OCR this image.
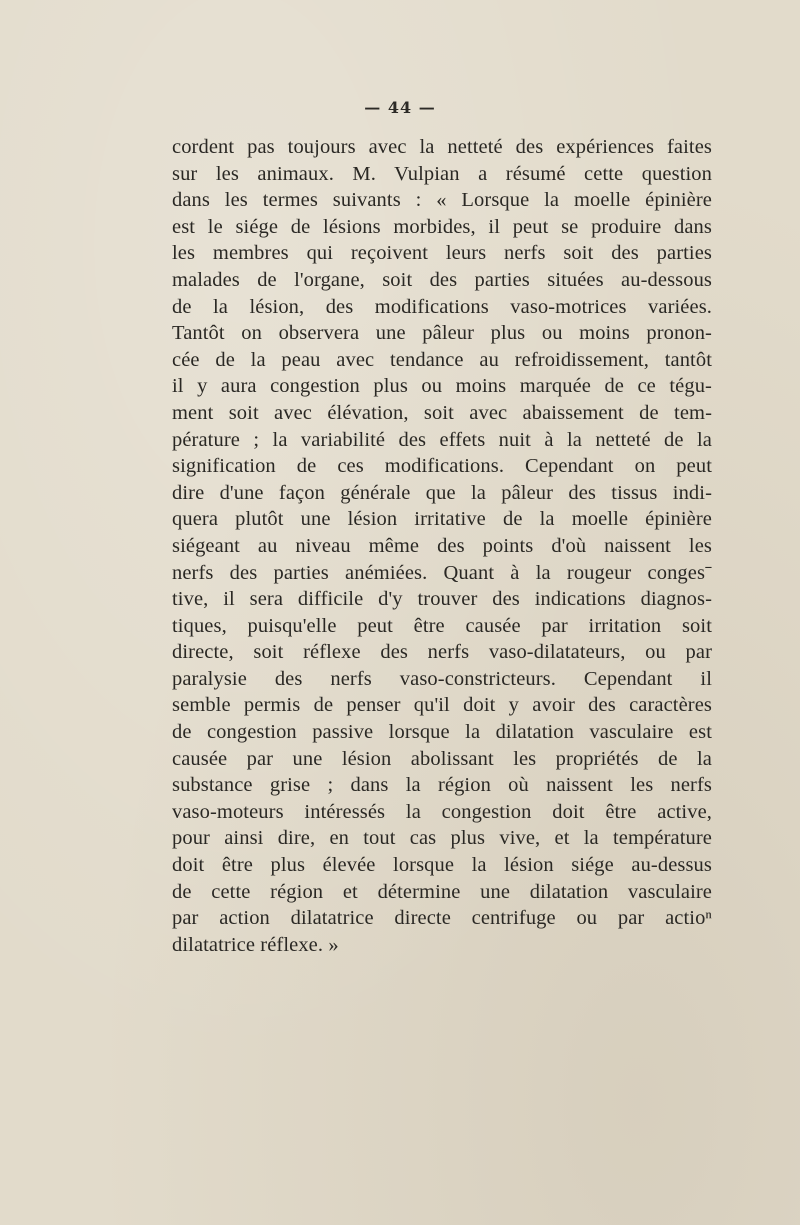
— 44 —
cordent pas toujours avec la netteté des expériences faites
sur les animaux. M. Vulpian a résumé cette question
dans les termes suivants : « Lorsque la moelle épinière
est le siége de lésions morbides, il peut se produire dans
les membres qui reçoivent leurs nerfs soit des parties
malades de l'organe, soit des parties situées au-dessous
de la lésion, des modifications vaso-motrices variées.
Tantôt on observera une pâleur plus ou moins pronon-
cée de la peau avec tendance au refroidissement, tantôt
il y aura congestion plus ou moins marquée de ce tégu-
ment soit avec élévation, soit avec abaissement de tem-
pérature ; la variabilité des effets nuit à la netteté de la
signification de ces modifications. Cependant on peut
dire d'une façon générale que la pâleur des tissus indi-
quera plutôt une lésion irritative de la moelle épinière
siégeant au niveau même des points d'où naissent les
nerfs des parties anémiées. Quant à la rougeur congesˉ
tive, il sera difficile d'y trouver des indications diagnos-
tiques, puisqu'elle peut être causée par irritation soit
directe, soit réflexe des nerfs vaso-dilatateurs, ou par
paralysie des nerfs vaso-constricteurs. Cependant il
semble permis de penser qu'il doit y avoir des caractères
de congestion passive lorsque la dilatation vasculaire est
causée par une lésion abolissant les propriétés de la
substance grise ; dans la région où naissent les nerfs
vaso-moteurs intéressés la congestion doit être active,
pour ainsi dire, en tout cas plus vive, et la température
doit être plus élevée lorsque la lésion siége au-dessus
de cette région et détermine une dilatation vasculaire
par action dilatatrice directe centrifuge ou par actioⁿ
dilatatrice réflexe. »
